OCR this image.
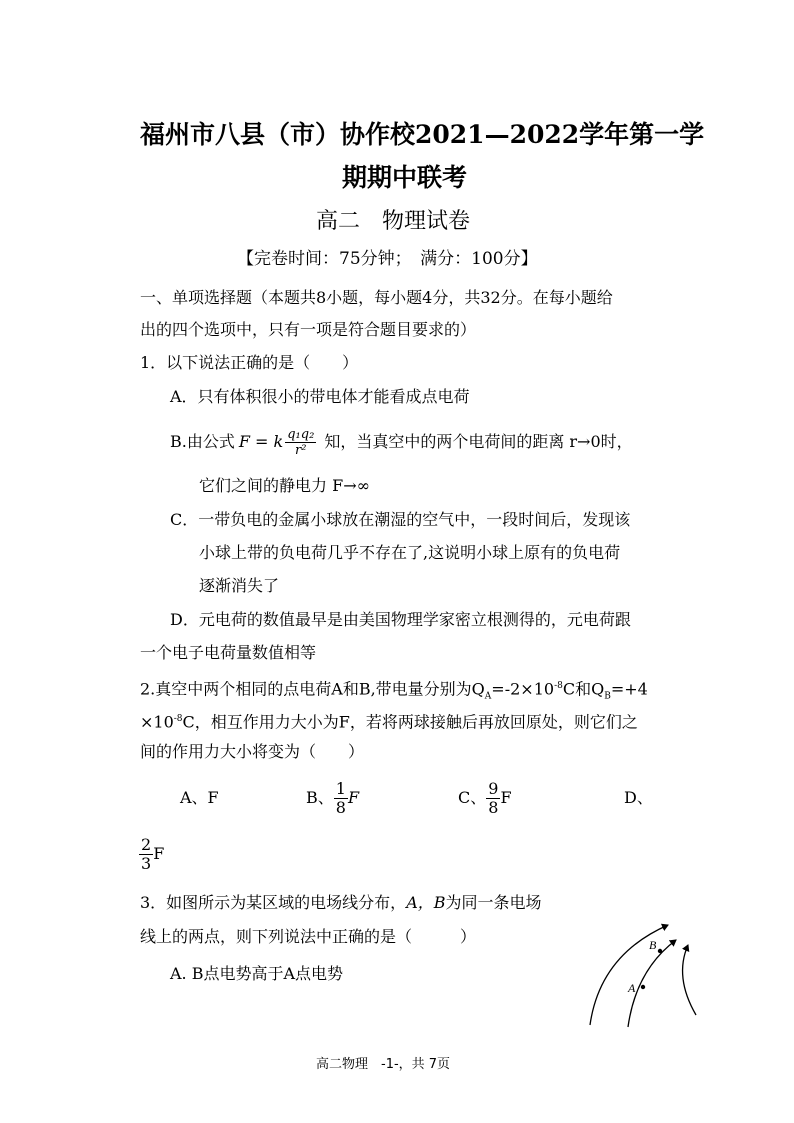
福州市八县（市）协作校2021—2022学年第一学
期期中联考
高二　物理试卷
【完卷时间：75分钟；　满分：100分】
一、单项选择题（本题共8小题，每小题4分，共32分。在每小题给
出的四个选项中，只有一项是符合题目要求的）
1．以下说法正确的是（　　）
A．只有体积很小的带电体才能看成点电荷
B.由公式 F = k $\frac{\text{q₁q₂}}{\text{r²}}$ 知，当真空中的两个电荷间的距离 r→0时，
它们之间的静电力 F→∞
C．一带负电的金属小球放在潮湿的空气中，一段时间后，发现该
小球上带的负电荷几乎不存在了,这说明小球上原有的负电荷
逐渐消失了
D．元电荷的数值最早是由美国物理学家密立根测得的，元电荷跟
一个电子电荷量数值相等
2.真空中两个相同的点电荷A和B,带电量分别为$Q_A=-2\times 10^{-8}C$和$Q_B=+4$
$\times 10^{-8}C$，相互作用力大小为F，若将两球接触后再放回原处，则它们之
间的作用力大小将变为（　　）
A、F	B、 $\frac{1}{8}$ F	C、 $\frac{9}{8}$ F	D、
$\frac{2}{3}$ F
3．如图所示为某区域的电场线分布，A，B为同一条电场
线上的两点，则下列说法中正确的是（　　　）
A. B点电势高于A点电势
A
B
高二物理　-1-，共 7页
